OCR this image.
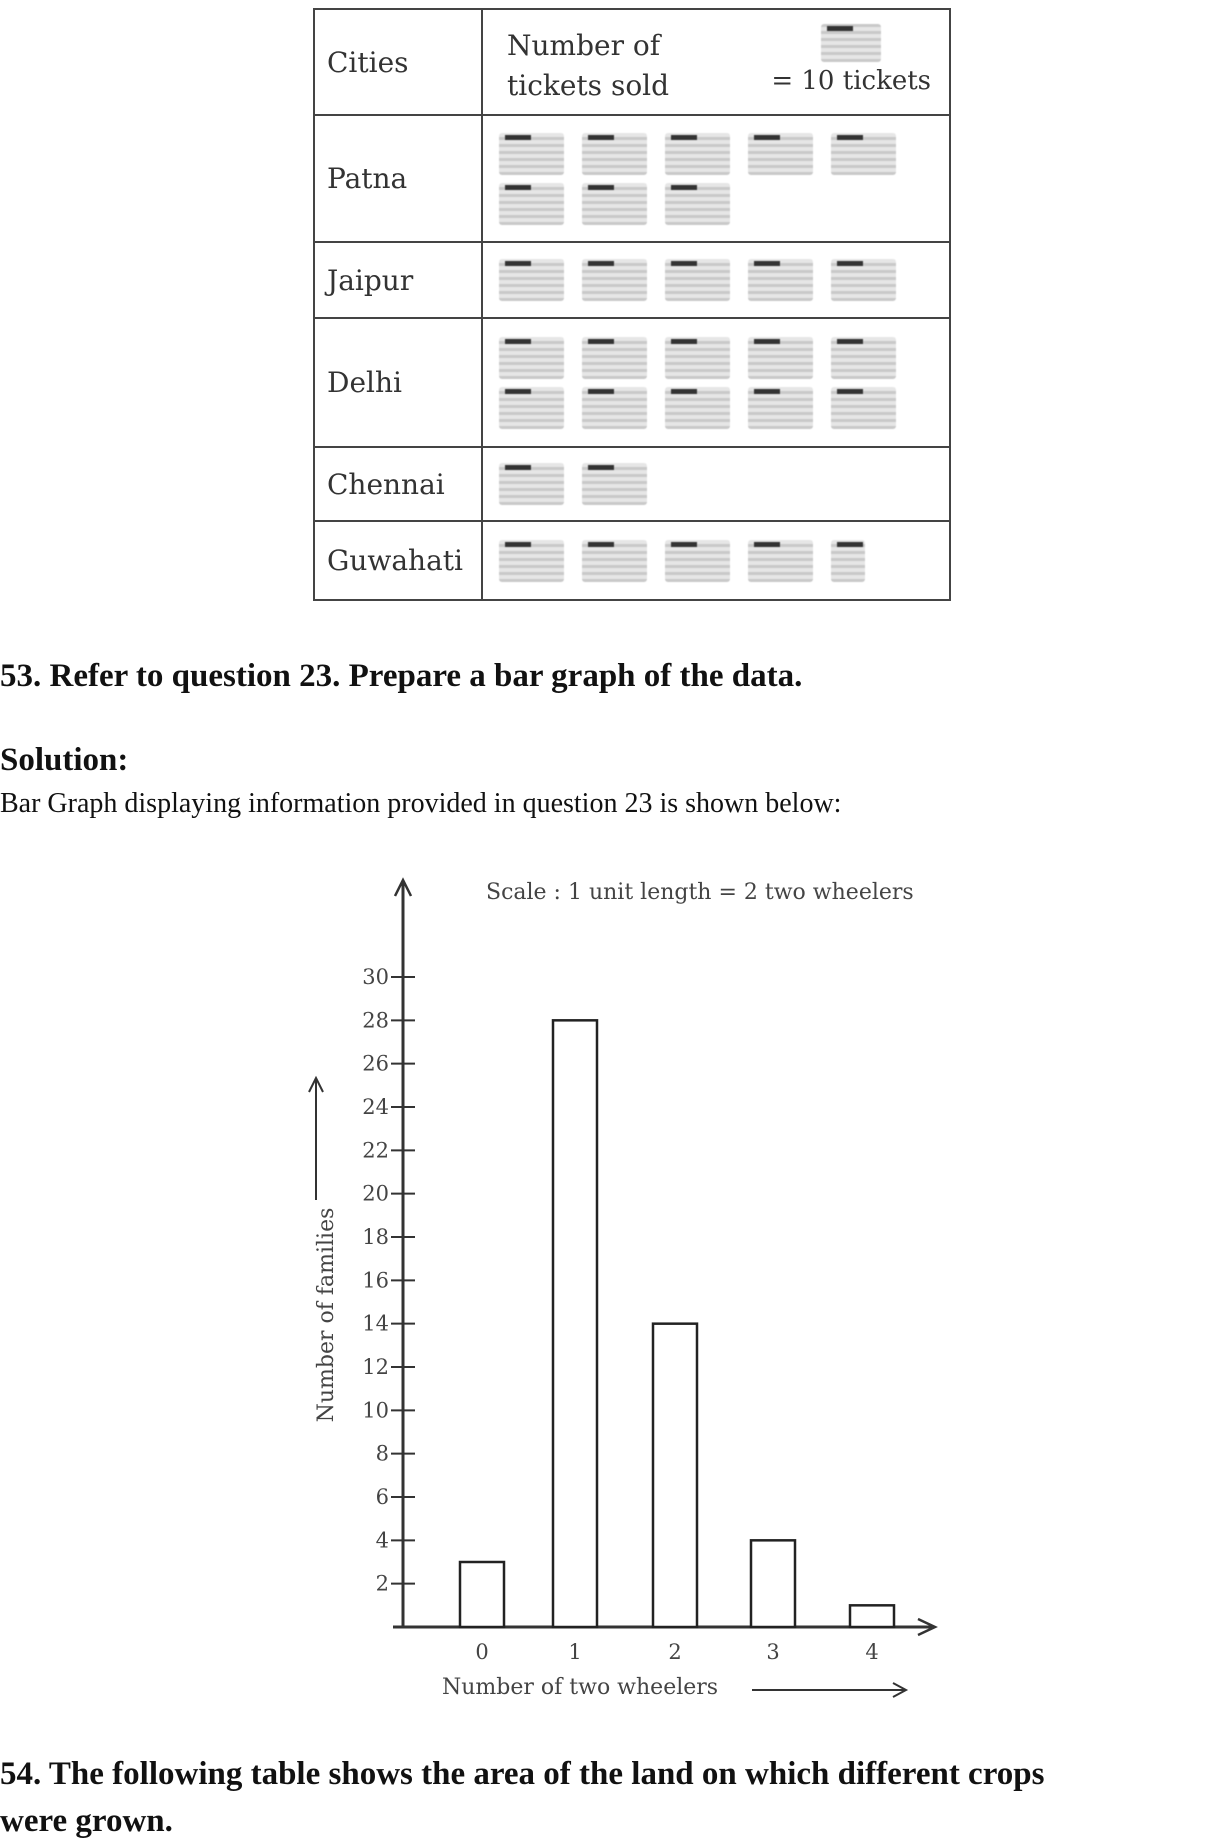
Cities	Number of tickets sold = 10 tickets

Patna	

Jaipur	

Delhi	

Chennai	

Guwahati	
53. Refer to question 23. Prepare a bar graph of the data.
Solution:
Bar Graph displaying information provided in question 23 is shown below:
2
4
6
8
10
12
14
16
18
20
22
24
26
28
30
0	1	2	3	4
Scale : 1 unit length = 2 two wheelers
Number of two wheelers
Number of families
54. The following table shows the area of the land on which different crops
were grown.
